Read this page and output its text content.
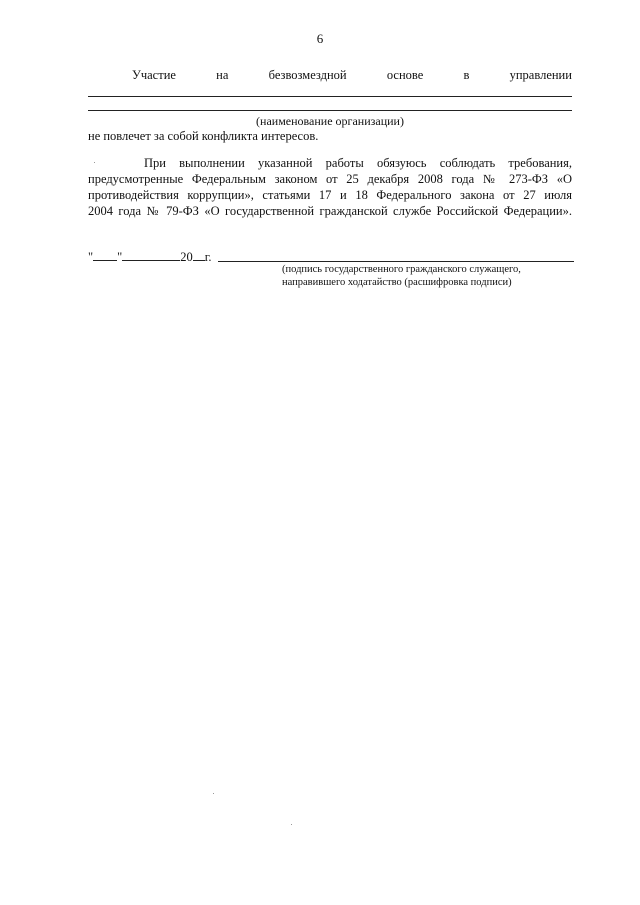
6
Участие	на	безвозмездной	основе	в	управлении
(наименование организации)
не повлечет за собой конфликта интересов.
При выполнении указанной работы обязуюсь соблюдать требования,
предусмотренные Федеральным законом от 25 декабря 2008 года № 273-ФЗ «О
противодействия коррупции», статьями 17 и 18 Федерального закона от 27 июля
2004 года № 79-ФЗ «О государственной гражданской службе Российской Федерации».
" "	20 г.
(подпись государственного гражданского служащего,
направившего ходатайство (расшифровка подписи)
